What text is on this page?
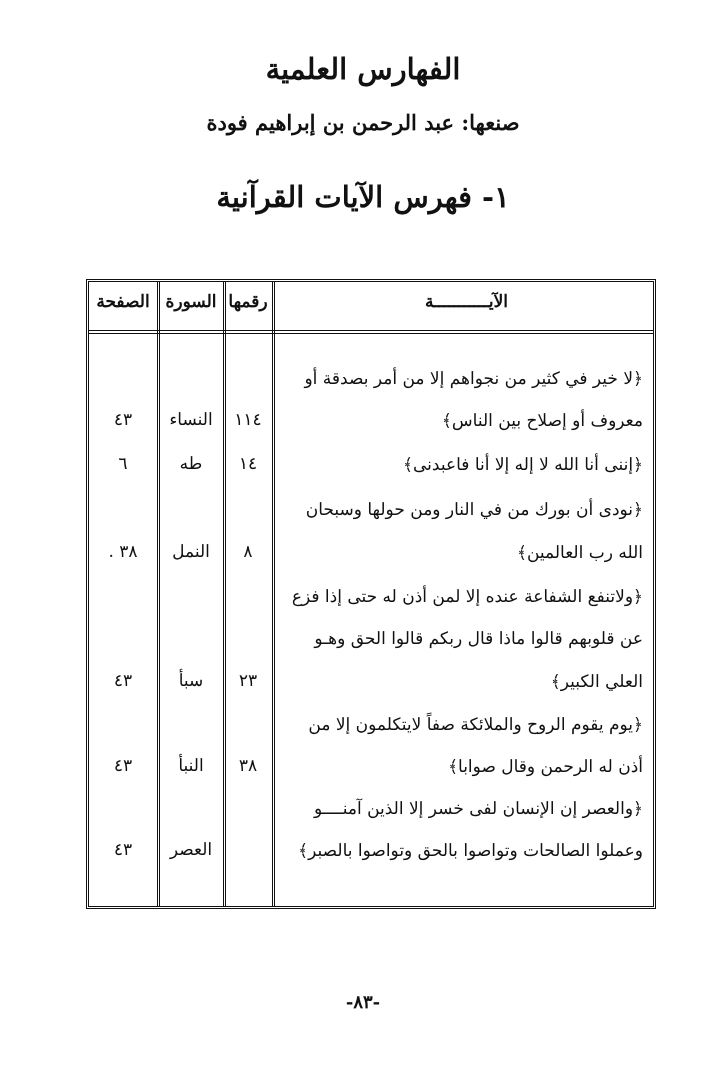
الفهارس العلمية
صنعها: عبد الرحمن بن إبراهيم فودة
١- فهرس الآيات القرآنية
الآيـــــــــــة
رقمها
السورة
الصفحة
﴿لا خير في كثير من نجواهم إلا من أمر بصدقة أو
معروف أو إصلاح بين الناس﴾
١١٤
النساء
٤٣
﴿إننى أنا الله لا إله إلا أنا فاعبدنى﴾
١٤
طه
٦
﴿نودى أن بورك من في النار ومن حولها وسبحان
الله رب العالمين﴾
٨
النمل
٣٨ .
﴿ولاتنفع الشفاعة عنده إلا لمن أذن له حتى إذا فزع
عن قلوبهم قالوا ماذا قال ربكم قالوا الحق وهـو
العلي الكبير﴾
٢٣
سبأ
٤٣
﴿يوم يقوم الروح والملائكة صفاً لايتكلمون إلا من
أذن له الرحمن وقال صوابا﴾
٣٨
النبأ
٤٣
﴿والعصر إن الإنسان لفى خسر إلا الذين آمنــــو
وعملوا الصالحات وتواصوا بالحق وتواصوا بالصبر﴾
العصر
٤٣
-٨٣-
